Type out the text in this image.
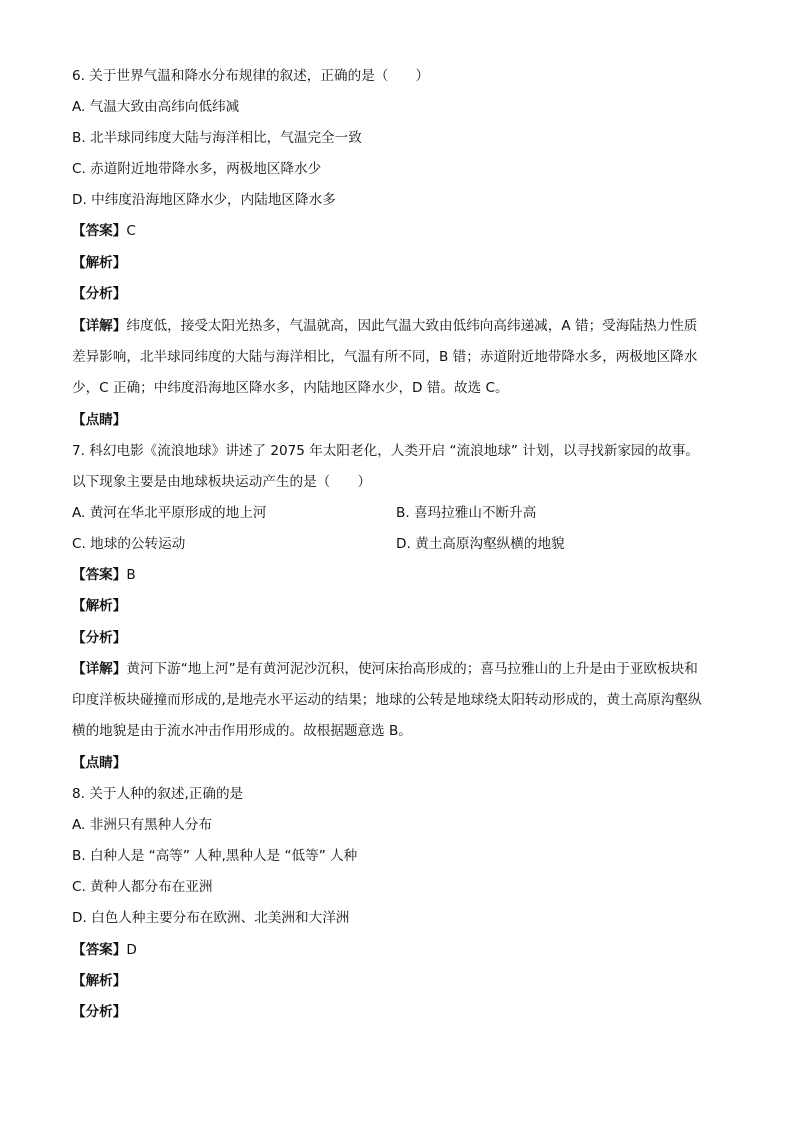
6. 关于世界气温和降水分布规律的叙述，正确的是（　　）
A. 气温大致由高纬向低纬减
B. 北半球同纬度大陆与海洋相比，气温完全一致
C. 赤道附近地带降水多，两极地区降水少
D. 中纬度沿海地区降水少，内陆地区降水多
【答案】C
【解析】
【分析】
【详解】纬度低，接受太阳光热多，气温就高，因此气温大致由低纬向高纬递减，A 错；受海陆热力性质
差异影响，北半球同纬度的大陆与海洋相比，气温有所不同，B 错；赤道附近地带降水多，两极地区降水
少，C 正确；中纬度沿海地区降水多，内陆地区降水少，D 错。故选 C。
【点睛】
7. 科幻电影《流浪地球》讲述了 2075 年太阳老化，人类开启 “流浪地球” 计划，以寻找新家园的故事。
以下现象主要是由地球板块运动产生的是（　　）
A. 黄河在华北平原形成的地上河	B. 喜玛拉雅山不断升高
C. 地球的公转运动	D. 黄土高原沟壑纵横的地貌
【答案】B
【解析】
【分析】
【详解】黄河下游“地上河”是有黄河泥沙沉积，使河床抬高形成的；喜马拉雅山的上升是由于亚欧板块和
印度洋板块碰撞而形成的,是地壳水平运动的结果；地球的公转是地球绕太阳转动形成的，黄土高原沟壑纵
横的地貌是由于流水冲击作用形成的。故根据题意选 B。
【点睛】
8. 关于人种的叙述,正确的是
A. 非洲只有黑种人分布
B. 白种人是 “高等” 人种,黑种人是 “低等” 人种
C. 黄种人都分布在亚洲
D. 白色人种主要分布在欧洲、北美洲和大洋洲
【答案】D
【解析】
【分析】
